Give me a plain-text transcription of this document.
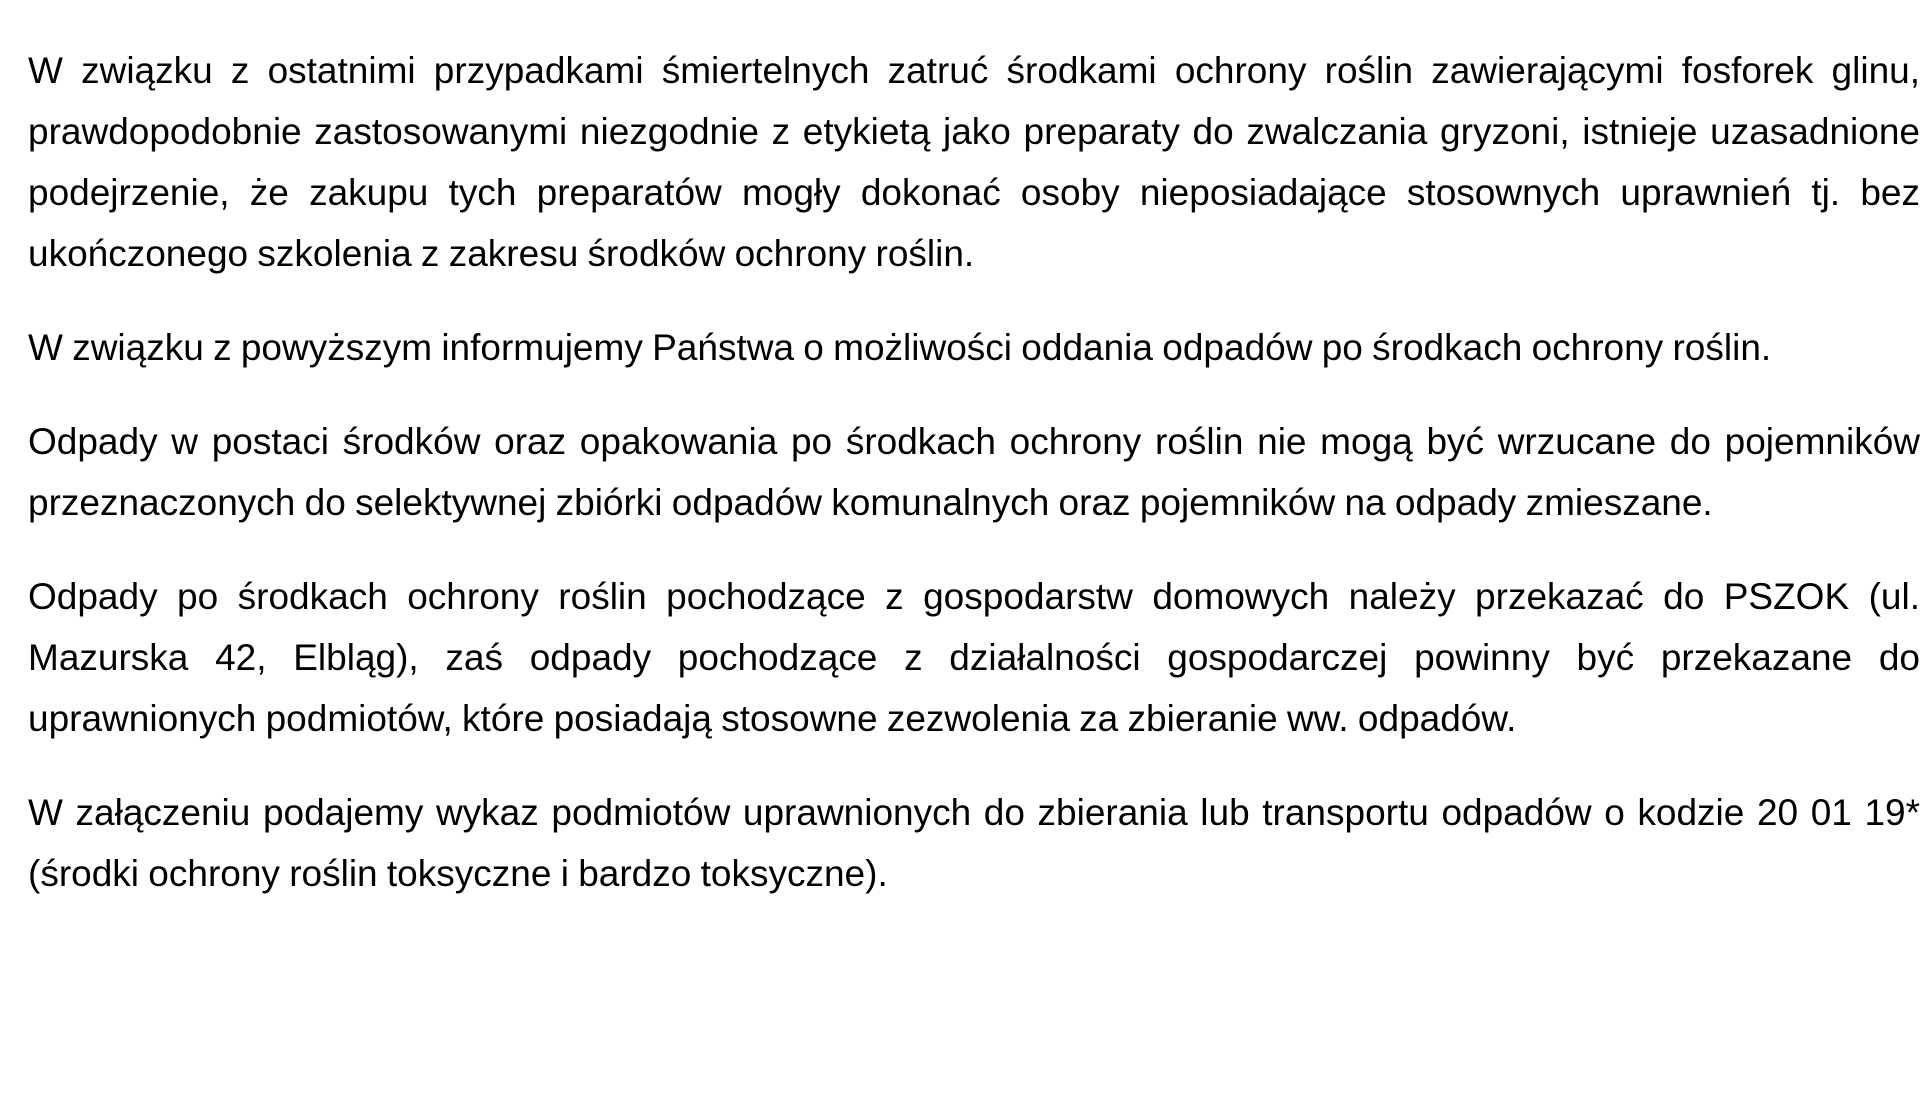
W związku z ostatnimi przypadkami śmiertelnych zatruć środkami ochrony roślin zawierającymi fosforek glinu, prawdopodobnie zastosowanymi niezgodnie z etykietą jako preparaty do zwalczania gryzoni, istnieje uzasadnione podejrzenie, że zakupu tych preparatów mogły dokonać osoby nieposiadające stosownych uprawnień tj. bez ukończonego szkolenia z zakresu środków ochrony roślin.

W związku z powyższym informujemy Państwa o możliwości oddania odpadów po środkach ochrony roślin.

Odpady w postaci środków oraz opakowania po środkach ochrony roślin nie mogą być wrzucane do pojemników przeznaczonych do selektywnej zbiórki odpadów komunalnych oraz pojemników na odpady zmieszane.

Odpady po środkach ochrony roślin pochodzące z gospodarstw domowych należy przekazać do PSZOK (ul. Mazurska 42, Elbląg), zaś odpady pochodzące z działalności gospodarczej powinny być przekazane do uprawnionych podmiotów, które posiadają stosowne zezwolenia za zbieranie ww. odpadów.

W załączeniu podajemy wykaz podmiotów uprawnionych do zbierania lub transportu odpadów o kodzie 20 01 19* (środki ochrony roślin toksyczne i bardzo toksyczne).
